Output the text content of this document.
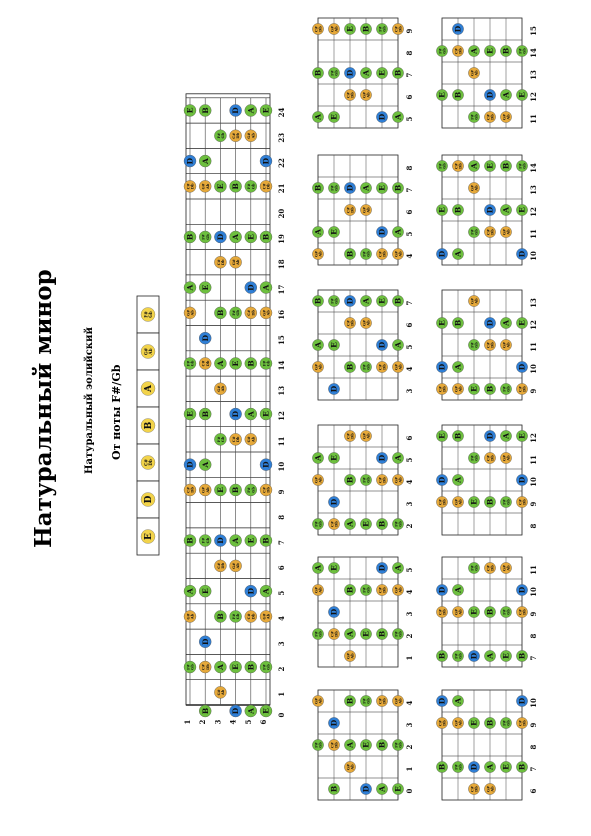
Натуральный минор	Натуральный эолийский От ноты F#/Gb
F# Gb
G# Ab
A
B
C# Db
D
E
1 2 3 4 5 6
0
1
2
3
4
5
6
7
8
9
10
11
12
13
14
15
16
17
18
19
20
21
22
23
24
F# Gb
G# Ab
A
B
C# Db
D
E
F# Gb
G# Ab
A
B
C# Db
D
E
B
C# Db
D
E
F# Gb
G# Ab
A
B
C# Db
D
E
F# Gb
G# Ab
A
B
G# Ab
A
B
C# Db
D
E
F# Gb
G# Ab
A
B
C# Db
D
E
F# Gb
D
E
F# Gb
G# Ab
A
B
C# Db
D
E
F# Gb
G# Ab
A
B
C# Db
D
A
B
C# Db
D
E
F# Gb
G# Ab
A
B
C# Db
D
E
F# Gb
G# Ab
A
E
F# Gb
G# Ab
A
B
C# Db
D
E
F# Gb
G# Ab
A
B
C# Db
D
E
0
1
2
3
4
F# Gb
G# Ab
B
C# Db
D
G# Ab
A
B
D
E
F# Gb
A
B
C# Db
E
F# Gb
G# Ab
1
2
3
4
5
F# Gb
G# Ab
A
C# Db
D
E
G# Ab
A
B
E
F# Gb
B
C# Db
D
F# Gb
G# Ab
A
2
3
4
5
6
F# Gb
G# Ab
A
C# Db
D
E
A
B
C# Db
E
F# Gb
G# Ab
B
C# Db
D
F# Gb
G# Ab
A
3
4
5
6
7
G# Ab
A
B
D
E
F# Gb
B
C# Db
D
F# Gb
G# Ab
A
C# Db
D
E
G# Ab
A
B
4
5
6
7
8
G# Ab
A
B
E
F# Gb
B
C# Db
D
F# Gb
G# Ab
A
C# Db
D
E
G# Ab
A
B
5
6
7
8
9
A
B
C# Db
E
F# Gb
G# Ab
C# Db
D
E
G# Ab
A
B
D
E
F# Gb
A
B
C# Db
6
7
8
9
10
B
C# Db
D
F# Gb
G# Ab
A
C# Db
D
E
G# Ab
A
B
E
F# Gb
B
C# Db
D
7
8
9
10
11
B
C# Db
D
F# Gb
G# Ab
A
D
E
F# Gb
A
B
C# Db
E
F# Gb
G# Ab
B
C# Db
D
8
9
10
11
12
C# Db
D
E
G# Ab
A
B
E
F# Gb
B
C# Db
D
F# Gb
G# Ab
A
C# Db
D
E
9
10
11
12
13
C# Db
D
E
G# Ab
A
B
E
F# Gb
G# Ab
B
C# Db
D
F# Gb
G# Ab
A
C# Db
D
E
10
11
12
13
14
D
E
F# Gb
A
B
C# Db
F# Gb
G# Ab
A
C# Db
D
E
G# Ab
A
B
D
E
F# Gb
11
12
13
14
15
E
F# Gb
B
C# Db
D
F# Gb
G# Ab
A
C# Db
D
E
G# Ab
A
B
E
F# Gb
